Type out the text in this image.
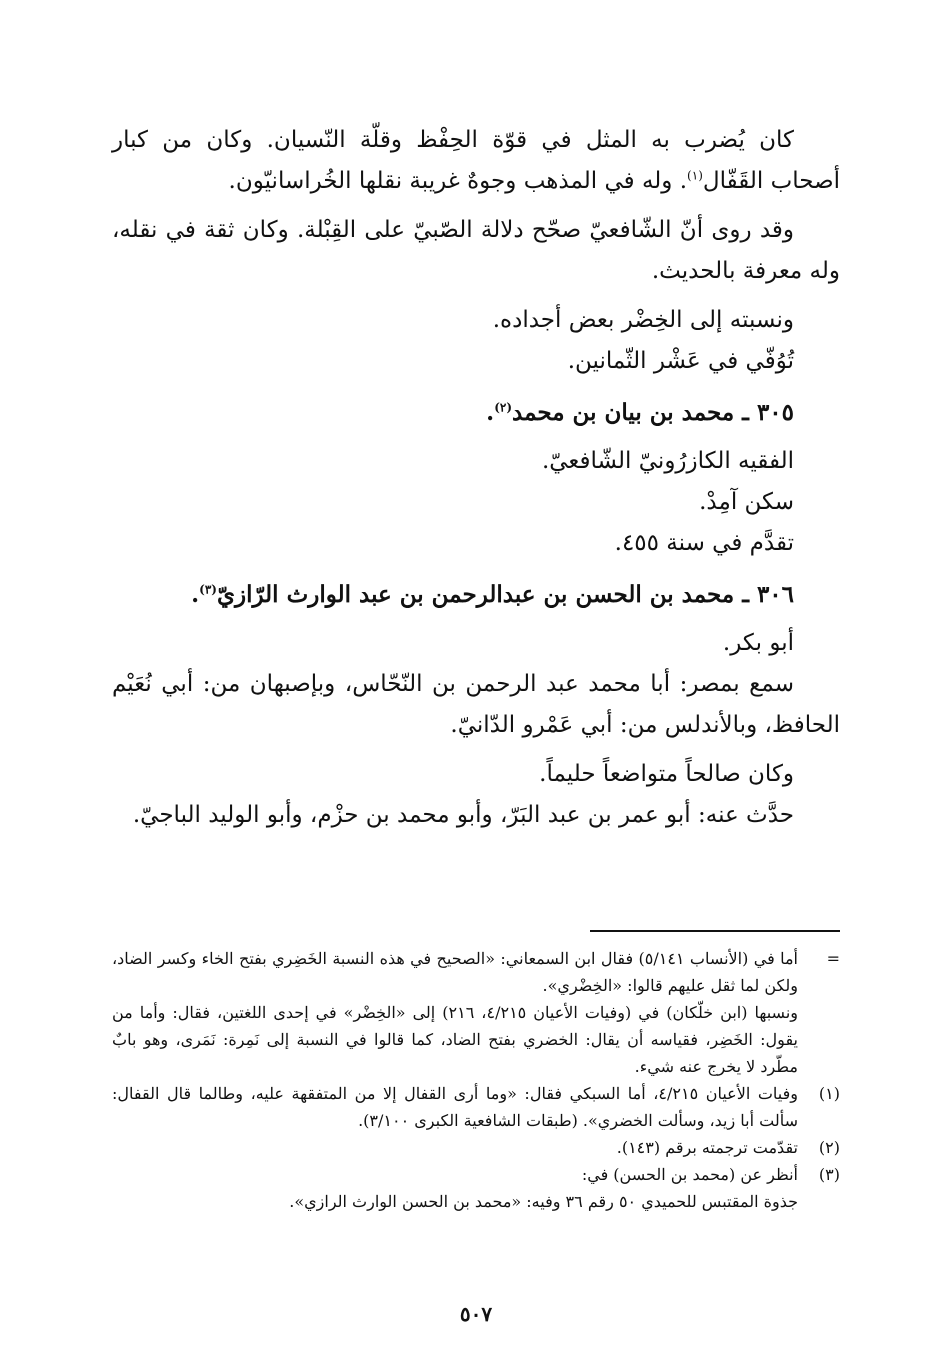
كان يُضرب به المثل في قوّة الحِفْظ وقلّة النّسيان. وكان من كبار أصحاب القَفّال$^{(١)}$. وله في المذهب وجوهٌ غريبة نقلها الخُراسانيّون.

وقد روى أنّ الشّافعيّ صحّح دلالة الصّبيّ على القِبْلة. وكان ثقة في نقله، وله معرفة بالحديث.

ونسبته إلى الخِضْر بعض أجداده.

تُوُفّي في عَشْر الثّمانين.

٣٠٥ ـ محمد بن بيان بن محمد$^{(٢)}$.

الفقيه الكازرُونيّ الشّافعيّ.

سكن آمِدْ.

تقدَّم في سنة ٤٥٥.

٣٠٦ ـ محمد بن الحسن بن عبدالرحمن بن عبد الوارث الرّازيّ$^{(٣)}$.

أبو بكر.

سمع بمصر: أبا محمد عبد الرحمن بن النّحّاس، وبإصبهان من: أبي نُعَيْم الحافظ، وبالأندلس من: أبي عَمْرو الدّانيّ.

وكان صالحاً متواضعاً حليماً.

حدَّث عنه: أبو عمر بن عبد البَرّ، وأبو محمد بن حزْم، وأبو الوليد الباجيّ.

=
أما في (الأنساب ٥/١٤١) فقال ابن السمعاني: «الصحيح في هذه النسبة الخَضِري بفتح الخاء وكسر الضاد، ولكن لما ثقل عليهم قالوا: «الخِضْري».
ونسبها (ابن خلّكان) في (وفيات الأعيان ٤/٢١٥، ٢١٦) إلى «الخِضْر» في إحدى اللغتين، فقال: وأما من يقول: الخَضِر، فقياسه أن يقال: الخضري بفتح الضاد، كما قالوا في النسبة إلى نَمِرة: نَمَرى، وهو بابٌ مطّرد لا يخرج عنه شيء.
(١)
وفيات الأعيان ٤/٢١٥، أما السبكي فقال: «وما أرى القفال إلا من المتفقهة عليه، وطالما قال القفال: سألت أبا زيد، وسألت الخضري». (طبقات الشافعية الكبرى ٣/١٠٠).
(٢)
تقدّمت ترجمته برقم (١٤٣).
(٣)
أنظر عن (محمد بن الحسن) في:
جذوة المقتبس للحميدي ٥٠ رقم ٣٦ وفيه: «محمد بن الحسن الوارث الرازي».
٥٠٧
